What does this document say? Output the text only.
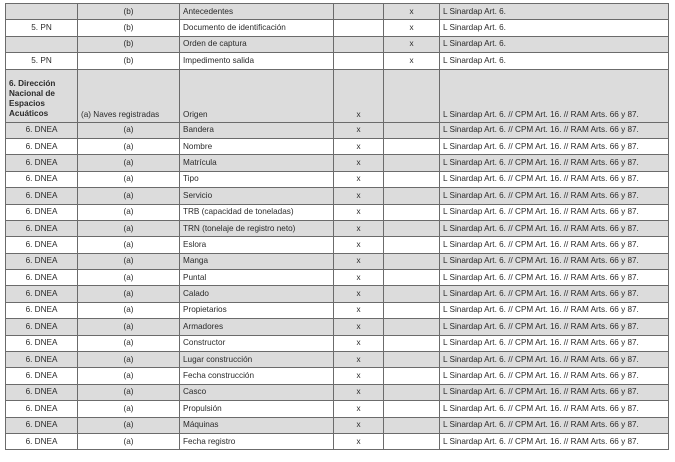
	(b)	Antecedentes		x	L Sinardap Art. 6.
5. PN	(b)	Documento de identificación		x	L Sinardap Art. 6.
	(b)	Orden de captura		x	L Sinardap Art. 6.
5. PN	(b)	Impedimento salida		x	L Sinardap Art. 6.
6. Dirección Nacional de Espacios Acuáticos	(a) Naves registradas	Origen	x		L Sinardap Art. 6. // CPM Art. 16. // RAM Arts. 66 y 87.
6. DNEA	(a)	Bandera	x		L Sinardap Art. 6. // CPM Art. 16. // RAM Arts. 66 y 87.
6. DNEA	(a)	Nombre	x		L Sinardap Art. 6. // CPM Art. 16. // RAM Arts. 66 y 87.
6. DNEA	(a)	Matrícula	x		L Sinardap Art. 6. // CPM Art. 16. // RAM Arts. 66 y 87.
6. DNEA	(a)	Tipo	x		L Sinardap Art. 6. // CPM Art. 16. // RAM Arts. 66 y 87.
6. DNEA	(a)	Servicio	x		L Sinardap Art. 6. // CPM Art. 16. // RAM Arts. 66 y 87.
6. DNEA	(a)	TRB (capacidad de toneladas)	x		L Sinardap Art. 6. // CPM Art. 16. // RAM Arts. 66 y 87.
6. DNEA	(a)	TRN (tonelaje de registro neto)	x		L Sinardap Art. 6. // CPM Art. 16. // RAM Arts. 66 y 87.
6. DNEA	(a)	Eslora	x		L Sinardap Art. 6. // CPM Art. 16. // RAM Arts. 66 y 87.
6. DNEA	(a)	Manga	x		L Sinardap Art. 6. // CPM Art. 16. // RAM Arts. 66 y 87.
6. DNEA	(a)	Puntal	x		L Sinardap Art. 6. // CPM Art. 16. // RAM Arts. 66 y 87.
6. DNEA	(a)	Calado	x		L Sinardap Art. 6. // CPM Art. 16. // RAM Arts. 66 y 87.
6. DNEA	(a)	Propietarios	x		L Sinardap Art. 6. // CPM Art. 16. // RAM Arts. 66 y 87.
6. DNEA	(a)	Armadores	x		L Sinardap Art. 6. // CPM Art. 16. // RAM Arts. 66 y 87.
6. DNEA	(a)	Constructor	x		L Sinardap Art. 6. // CPM Art. 16. // RAM Arts. 66 y 87.
6. DNEA	(a)	Lugar construcción	x		L Sinardap Art. 6. // CPM Art. 16. // RAM Arts. 66 y 87.
6. DNEA	(a)	Fecha construcción	x		L Sinardap Art. 6. // CPM Art. 16. // RAM Arts. 66 y 87.
6. DNEA	(a)	Casco	x		L Sinardap Art. 6. // CPM Art. 16. // RAM Arts. 66 y 87.
6. DNEA	(a)	Propulsión	x		L Sinardap Art. 6. // CPM Art. 16. // RAM Arts. 66 y 87.
6. DNEA	(a)	Máquinas	x		L Sinardap Art. 6. // CPM Art. 16. // RAM Arts. 66 y 87.
6. DNEA	(a)	Fecha registro	x		L Sinardap Art. 6. // CPM Art. 16. // RAM Arts. 66 y 87.
